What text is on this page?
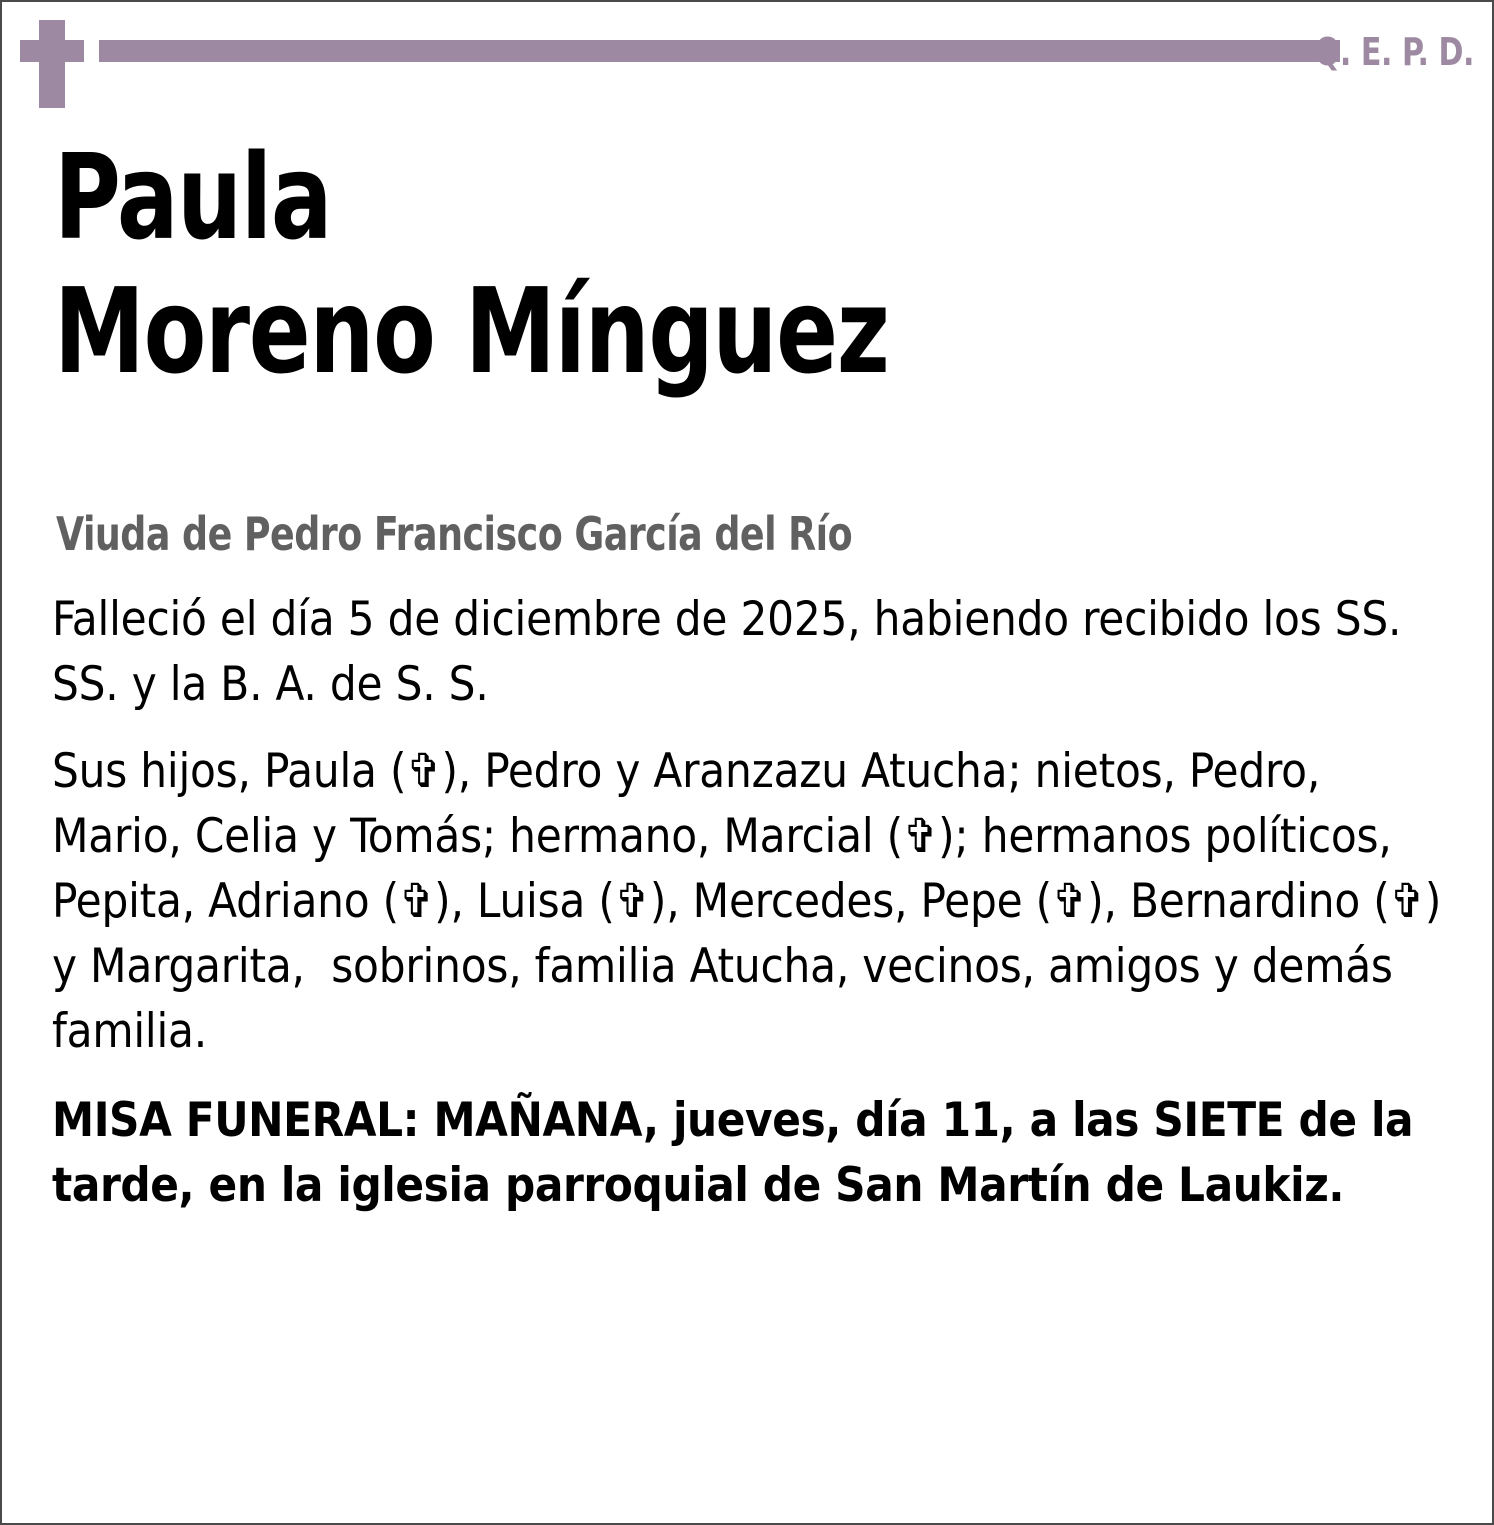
Q. E. P. D.
Paula
Moreno Mínguez
Viuda de Pedro Francisco García del Río

Falleció el día 5 de diciembre de 2025, habiendo recibido los SS. SS. y la B. A. de S. S.

Sus hijos, Paula (✞), Pedro y Aranzazu Atucha; nietos, Pedro, Mario, Celia y Tomás; hermano, Marcial (✞); hermanos políticos, Pepita, Adriano (✞), Luisa (✞), Mercedes, Pepe (✞), Bernardino (✞) y Margarita,  sobrinos, familia Atucha, vecinos, amigos y demás familia.

MISA FUNERAL: MAÑANA, jueves, día 11, a las SIETE de la tarde, en la iglesia parroquial de San Martín de Laukiz.
